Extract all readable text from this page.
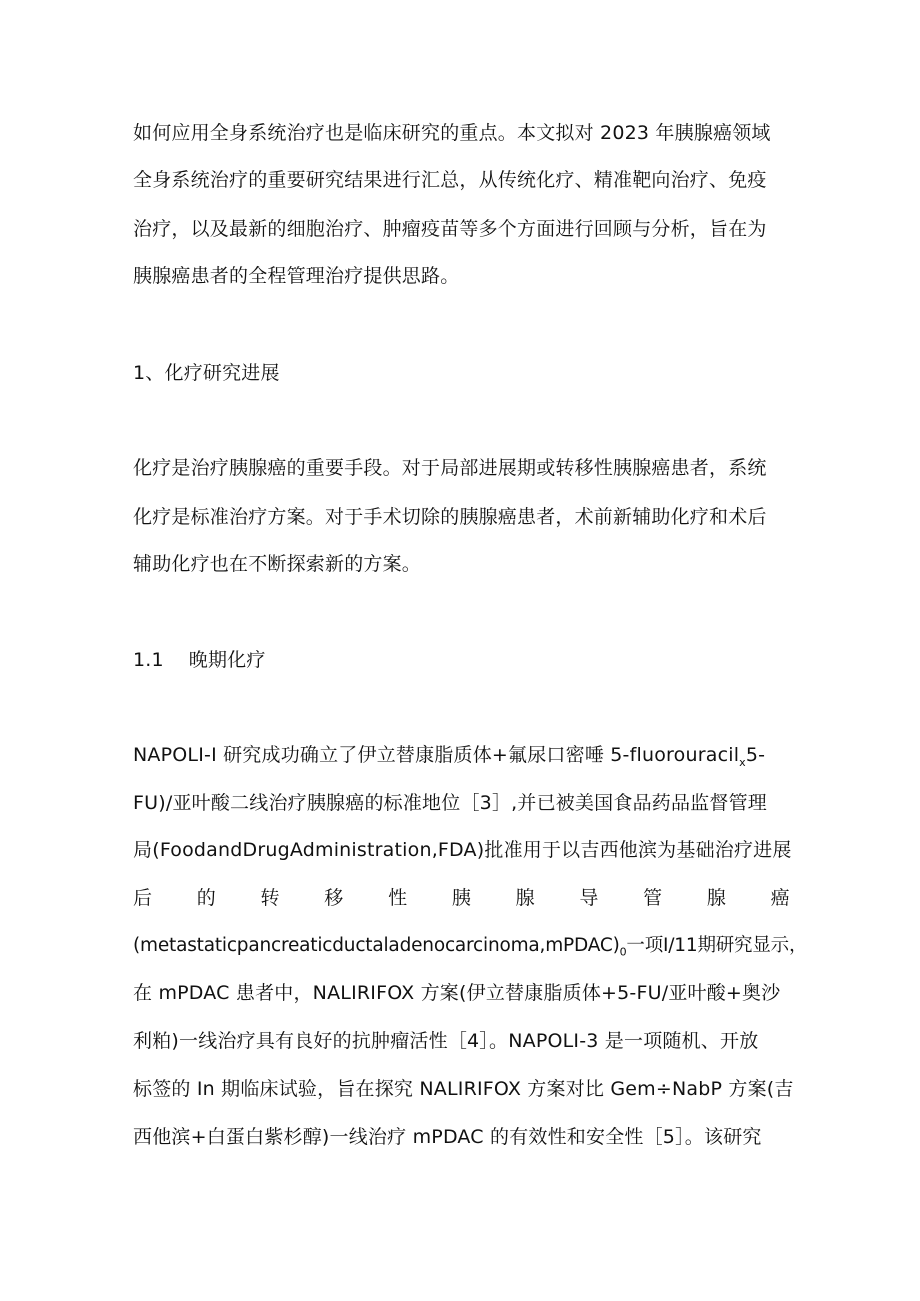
如何应用全身系统治疗也是临床研究的重点。本文拟对 2023 年胰腺癌领域
全身系统治疗的重要研究结果进行汇总，从传统化疗、精准靶向治疗、免疫
治疗，以及最新的细胞治疗、肿瘤疫苗等多个方面进行回顾与分析，旨在为
胰腺癌患者的全程管理治疗提供思路。
1、化疗研究进展
化疗是治疗胰腺癌的重要手段。对于局部进展期或转移性胰腺癌患者，系统
化疗是标准治疗方案。对于手术切除的胰腺癌患者，术前新辅助化疗和术后
辅助化疗也在不断探索新的方案。
1.1    晚期化疗
NAPOLI-I 研究成功确立了伊立替康脂质体+氟尿口密唾 5-fluorouracil$_x$5-
FU)/亚叶酸二线治疗胰腺癌的标准地位［3］,并已被美国食品药品监督管理
局(FoodandDrugAdministration,FDA)批准用于以吉西他滨为基础治疗进展
后 的 转 移 性 胰 腺 导 管 腺 癌
$(metastaticpancreaticductaladenocarcinoma,mPDAC)_0$一项I/11期研究显示，
在 mPDAC 患者中，NALIRIFOX 方案(伊立替康脂质体+5-FU/亚叶酸+奥沙
利粕)一线治疗具有良好的抗肿瘤活性［4］。NAPOLI-3 是一项随机、开放
标签的 In 期临床试验，旨在探究 NALIRIFOX 方案对比 Gem÷NabP 方案(吉
西他滨+白蛋白紫杉醇)一线治疗 mPDAC 的有效性和安全性［5］。该研究
